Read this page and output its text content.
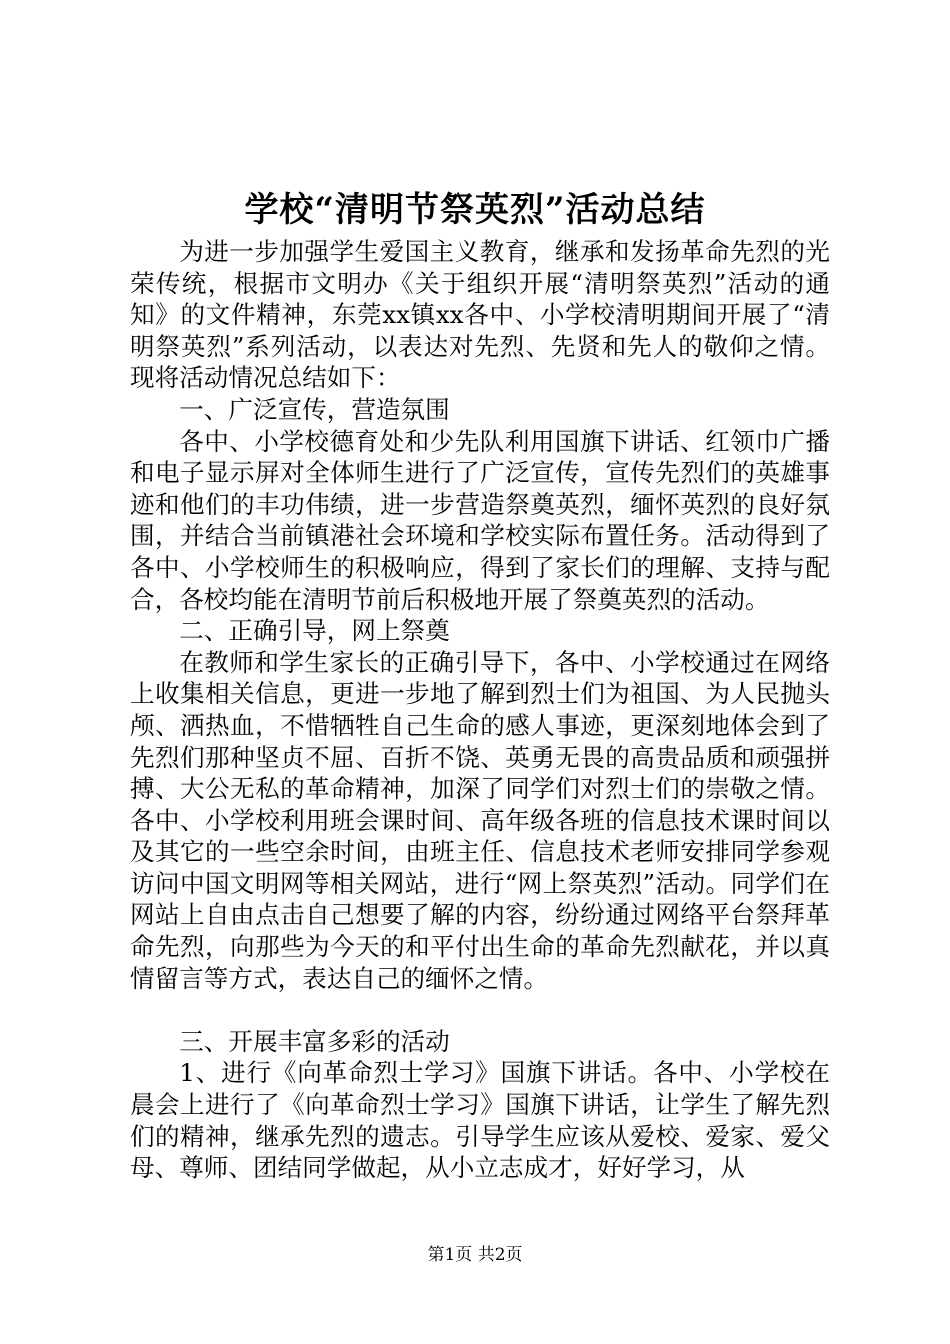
学校“清明节祭英烈”活动总结

为进一步加强学生爱国主义教育，继承和发扬革命先烈的光荣传统，根据市文明办《关于组织开展“清明祭英烈”活动的通知》的文件精神，东莞xx镇xx各中、小学校清明期间开展了“清明祭英烈”系列活动，以表达对先烈、先贤和先人的敬仰之情。现将活动情况总结如下：

一、广泛宣传，营造氛围

各中、小学校德育处和少先队利用国旗下讲话、红领巾广播和电子显示屏对全体师生进行了广泛宣传，宣传先烈们的英雄事迹和他们的丰功伟绩，进一步营造祭奠英烈，缅怀英烈的良好氛围，并结合当前镇港社会环境和学校实际布置任务。活动得到了各中、小学校师生的积极响应，得到了家长们的理解、支持与配合，各校均能在清明节前后积极地开展了祭奠英烈的活动。

二、正确引导，网上祭奠

在教师和学生家长的正确引导下，各中、小学校通过在网络上收集相关信息，更进一步地了解到烈士们为祖国、为人民抛头颅、洒热血，不惜牺牲自己生命的感人事迹，更深刻地体会到了先烈们那种坚贞不屈、百折不饶、英勇无畏的高贵品质和顽强拼搏、大公无私的革命精神，加深了同学们对烈士们的崇敬之情。各中、小学校利用班会课时间、高年级各班的信息技术课时间以及其它的一些空余时间，由班主任、信息技术老师安排同学参观访问中国文明网等相关网站，进行“网上祭英烈”活动。同学们在网站上自由点击自己想要了解的内容，纷纷通过网络平台祭拜革命先烈，向那些为今天的和平付出生命的革命先烈献花，并以真情留言等方式，表达自己的缅怀之情。

三、开展丰富多彩的活动

1、进行《向革命烈士学习》国旗下讲话。各中、小学校在晨会上进行了《向革命烈士学习》国旗下讲话，让学生了解先烈们的精神，继承先烈的遗志。引导学生应该从爱校、爱家、爱父母、尊师、团结同学做起，从小立志成才，好好学习，从

第1页 共2页
